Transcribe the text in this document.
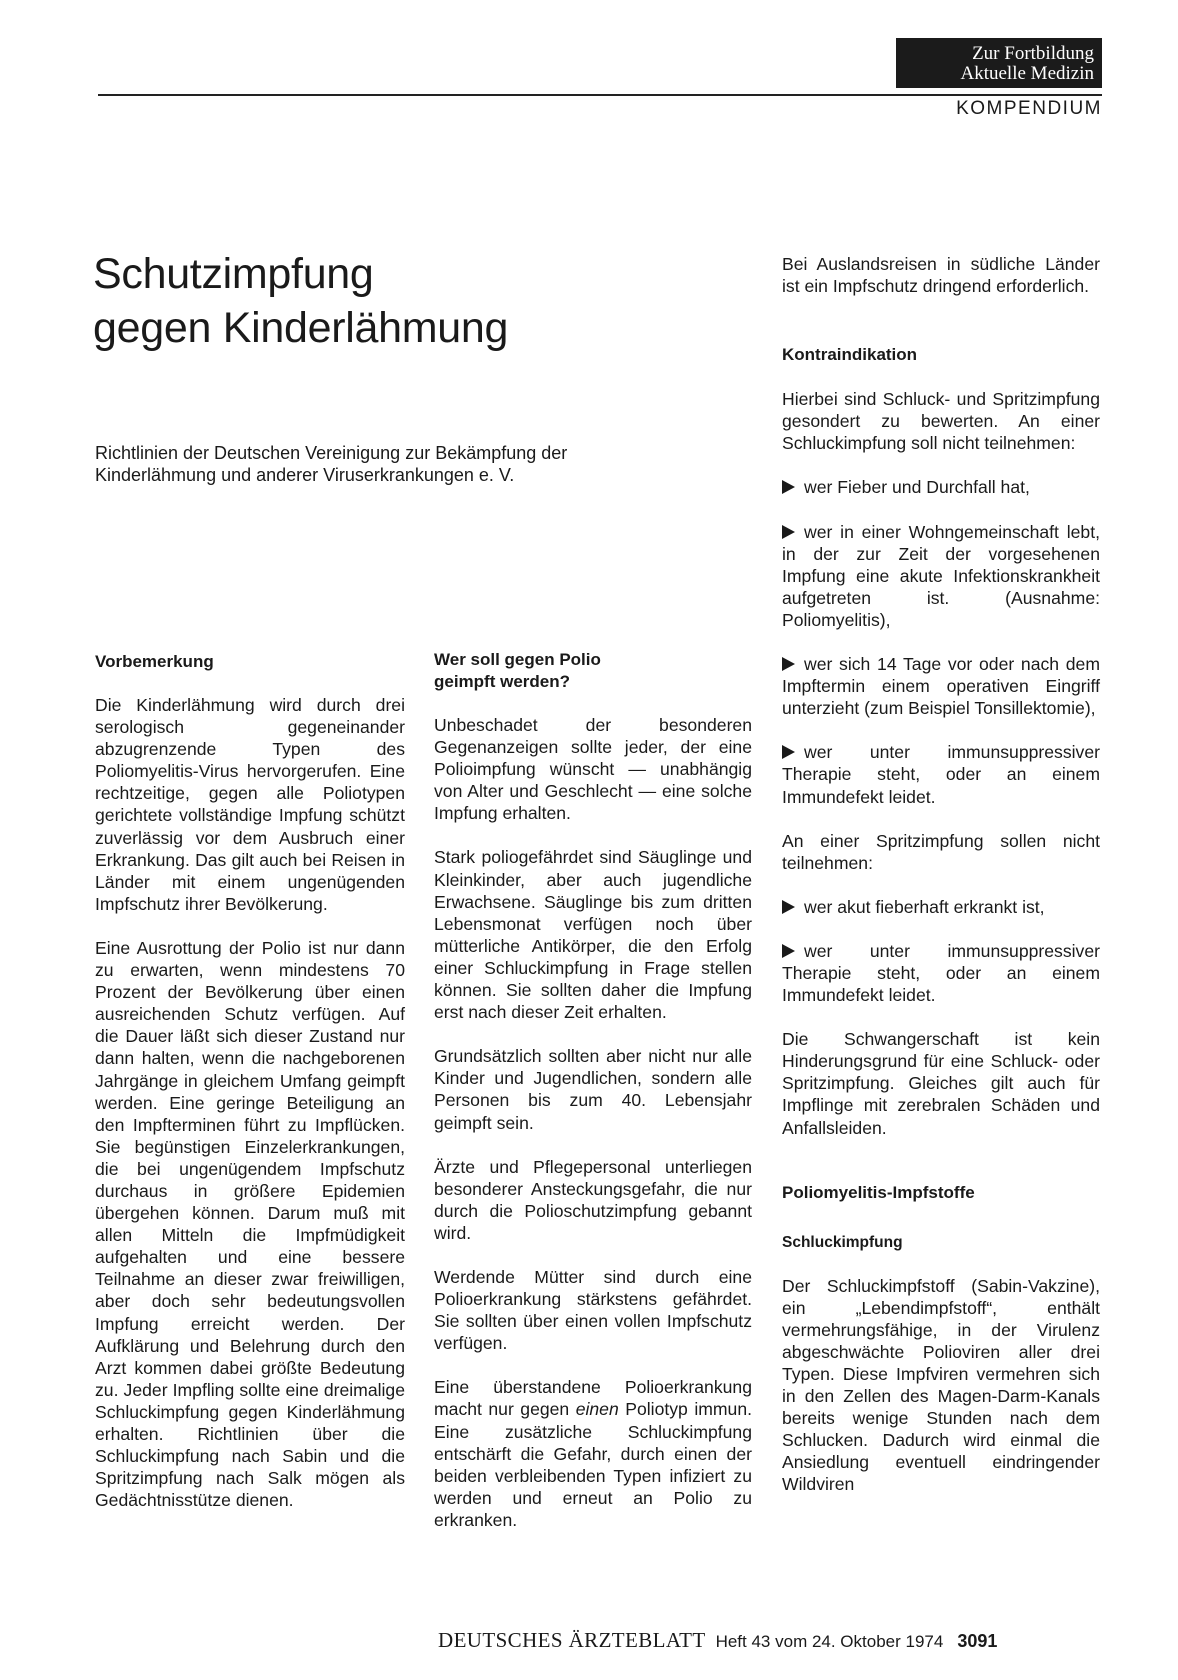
Zur Fortbildung
Aktuelle Medizin
KOMPENDIUM
Schutzimpfung
gegen Kinderlähmung

Richtlinien der Deutschen Vereinigung zur Bekämpfung der Kinderlähmung und anderer Viruserkrankungen e. V.

Vorbemerkung

Die Kinderlähmung wird durch drei serologisch gegeneinander abzugrenzende Typen des Poliomyelitis-Virus hervorgerufen. Eine rechtzeitige, gegen alle Poliotypen gerichtete vollständige Impfung schützt zuverlässig vor dem Ausbruch einer Erkrankung. Das gilt auch bei Reisen in Länder mit einem ungenügenden Impfschutz ihrer Bevölkerung.

Eine Ausrottung der Polio ist nur dann zu erwarten, wenn mindestens 70 Prozent der Bevölkerung über einen ausreichenden Schutz verfügen. Auf die Dauer läßt sich dieser Zustand nur dann halten, wenn die nachgeborenen Jahrgänge in gleichem Umfang geimpft werden. Eine geringe Beteiligung an den Impfterminen führt zu Impflücken. Sie begünstigen Einzelerkrankungen, die bei ungenügendem Impfschutz durchaus in größere Epidemien übergehen können. Darum muß mit allen Mitteln die Impfmüdigkeit aufgehalten und eine bessere Teilnahme an dieser zwar freiwilligen, aber doch sehr bedeutungsvollen Impfung erreicht werden. Der Aufklärung und Belehrung durch den Arzt kommen dabei größte Bedeutung zu. Jeder Impfling sollte eine dreimalige Schluckimpfung gegen Kinderlähmung erhalten. Richtlinien über die Schluckimpfung nach Sabin und die Spritzimpfung nach Salk mögen als Gedächtnisstütze dienen.

Wer soll gegen Polio
geimpft werden?

Unbeschadet der besonderen Gegenanzeigen sollte jeder, der eine Polioimpfung wünscht — unabhängig von Alter und Geschlecht — eine solche Impfung erhalten.

Stark poliogefährdet sind Säuglinge und Kleinkinder, aber auch jugendliche Erwachsene. Säuglinge bis zum dritten Lebensmonat verfügen noch über mütterliche Antikörper, die den Erfolg einer Schluckimpfung in Frage stellen können. Sie sollten daher die Impfung erst nach dieser Zeit erhalten.

Grundsätzlich sollten aber nicht nur alle Kinder und Jugendlichen, sondern alle Personen bis zum 40. Lebensjahr geimpft sein.

Ärzte und Pflegepersonal unterliegen besonderer Ansteckungsgefahr, die nur durch die Polioschutzimpfung gebannt wird.

Werdende Mütter sind durch eine Polioerkrankung stärkstens gefährdet. Sie sollten über einen vollen Impfschutz verfügen.

Eine überstandene Polioerkrankung macht nur gegen einen Poliotyp immun. Eine zusätzliche Schluckimpfung entschärft die Gefahr, durch einen der beiden verbleibenden Typen infiziert zu werden und erneut an Polio zu erkranken.

Bei Auslandsreisen in südliche Länder ist ein Impfschutz dringend erforderlich.

Kontraindikation

Hierbei sind Schluck- und Spritzimpfung gesondert zu bewerten. An einer Schluckimpfung soll nicht teilnehmen:

wer Fieber und Durchfall hat,

wer in einer Wohngemeinschaft lebt, in der zur Zeit der vorgesehenen Impfung eine akute Infektionskrankheit aufgetreten ist. (Ausnahme: Poliomyelitis),

wer sich 14 Tage vor oder nach dem Impftermin einem operativen Eingriff unterzieht (zum Beispiel Tonsillektomie),

wer unter immunsuppressiver Therapie steht, oder an einem Immundefekt leidet.

An einer Spritzimpfung sollen nicht teilnehmen:

wer akut fieberhaft erkrankt ist,

wer unter immunsuppressiver Therapie steht, oder an einem Immundefekt leidet.

Die Schwangerschaft ist kein Hinderungsgrund für eine Schluck- oder Spritzimpfung. Gleiches gilt auch für Impflinge mit zerebralen Schäden und Anfallsleiden.

Poliomyelitis-Impfstoffe
Schluckimpfung

Der Schluckimpfstoff (Sabin-Vakzine), ein „Lebendimpfstoff“, enthält vermehrungsfähige, in der Virulenz abgeschwächte Polioviren aller drei Typen. Diese Impfviren vermehren sich in den Zellen des Magen-Darm-Kanals bereits wenige Stunden nach dem Schlucken. Dadurch wird einmal die Ansiedlung eventuell eindringender Wildviren

DEUTSCHES ÄRZTEBLATT Heft 43 vom 24. Oktober 1974 3091
